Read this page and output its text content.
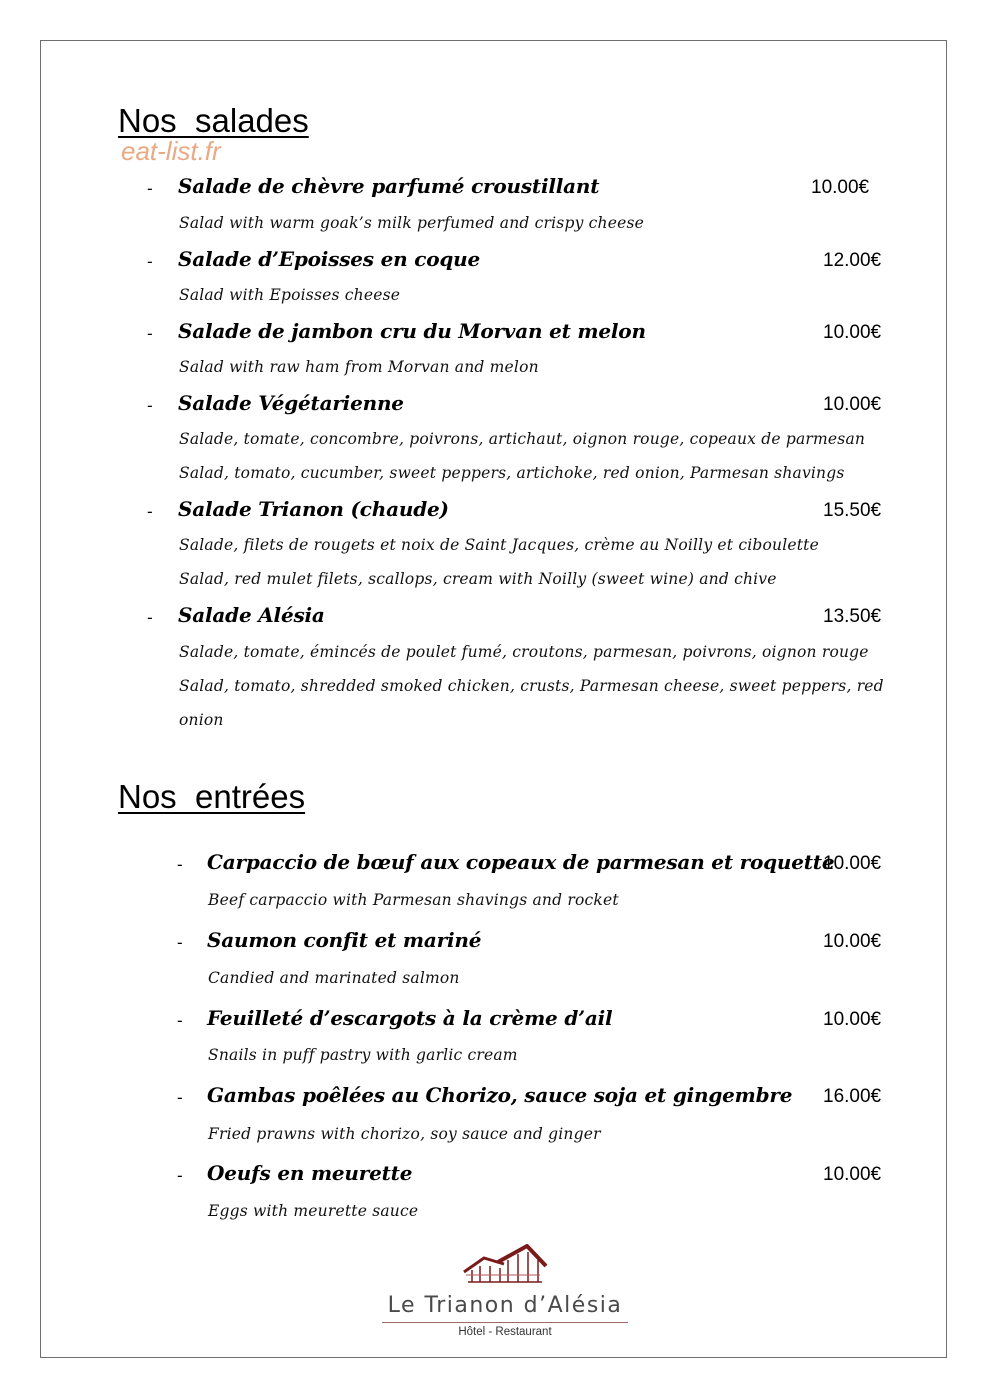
Nos  salades
eat-list.fr
- Salade de chèvre parfumé croustillant	10.00€
Salad with warm goak’s milk perfumed and crispy cheese
- Salade d’Epoisses en coque	12.00€
Salad with Epoisses cheese
- Salade de jambon cru du Morvan et melon	10.00€
Salad with raw ham from Morvan and melon
- Salade Végétarienne	10.00€
Salade, tomate, concombre, poivrons, artichaut, oignon rouge, copeaux de parmesan
Salad, tomato, cucumber, sweet peppers, artichoke, red onion, Parmesan shavings
- Salade Trianon (chaude)	15.50€
Salade, filets de rougets et noix de Saint Jacques, crème au Noilly et ciboulette
Salad, red mulet filets, scallops, cream with Noilly (sweet wine) and chive
- Salade Alésia	13.50€
Salade, tomate, émincés de poulet fumé, croutons, parmesan, poivrons, oignon rouge
Salad, tomato, shredded smoked chicken, crusts, Parmesan cheese, sweet peppers, red
onion
Nos  entrées
- Carpaccio de bœuf aux copeaux de parmesan et roquette
10.00€
Beef carpaccio with Parmesan shavings and rocket
- Saumon confit et mariné	10.00€
Candied and marinated salmon
- Feuilleté d’escargots à la crème d’ail	10.00€
Snails in puff pastry with garlic cream
- Gambas poêlées au Chorizo, sauce soja et gingembre 16.00€
Fried prawns with chorizo, soy sauce and ginger
- Oeufs en meurette	10.00€
Eggs with meurette sauce
Le Trianon d’Alésia
Hôtel - Restaurant
